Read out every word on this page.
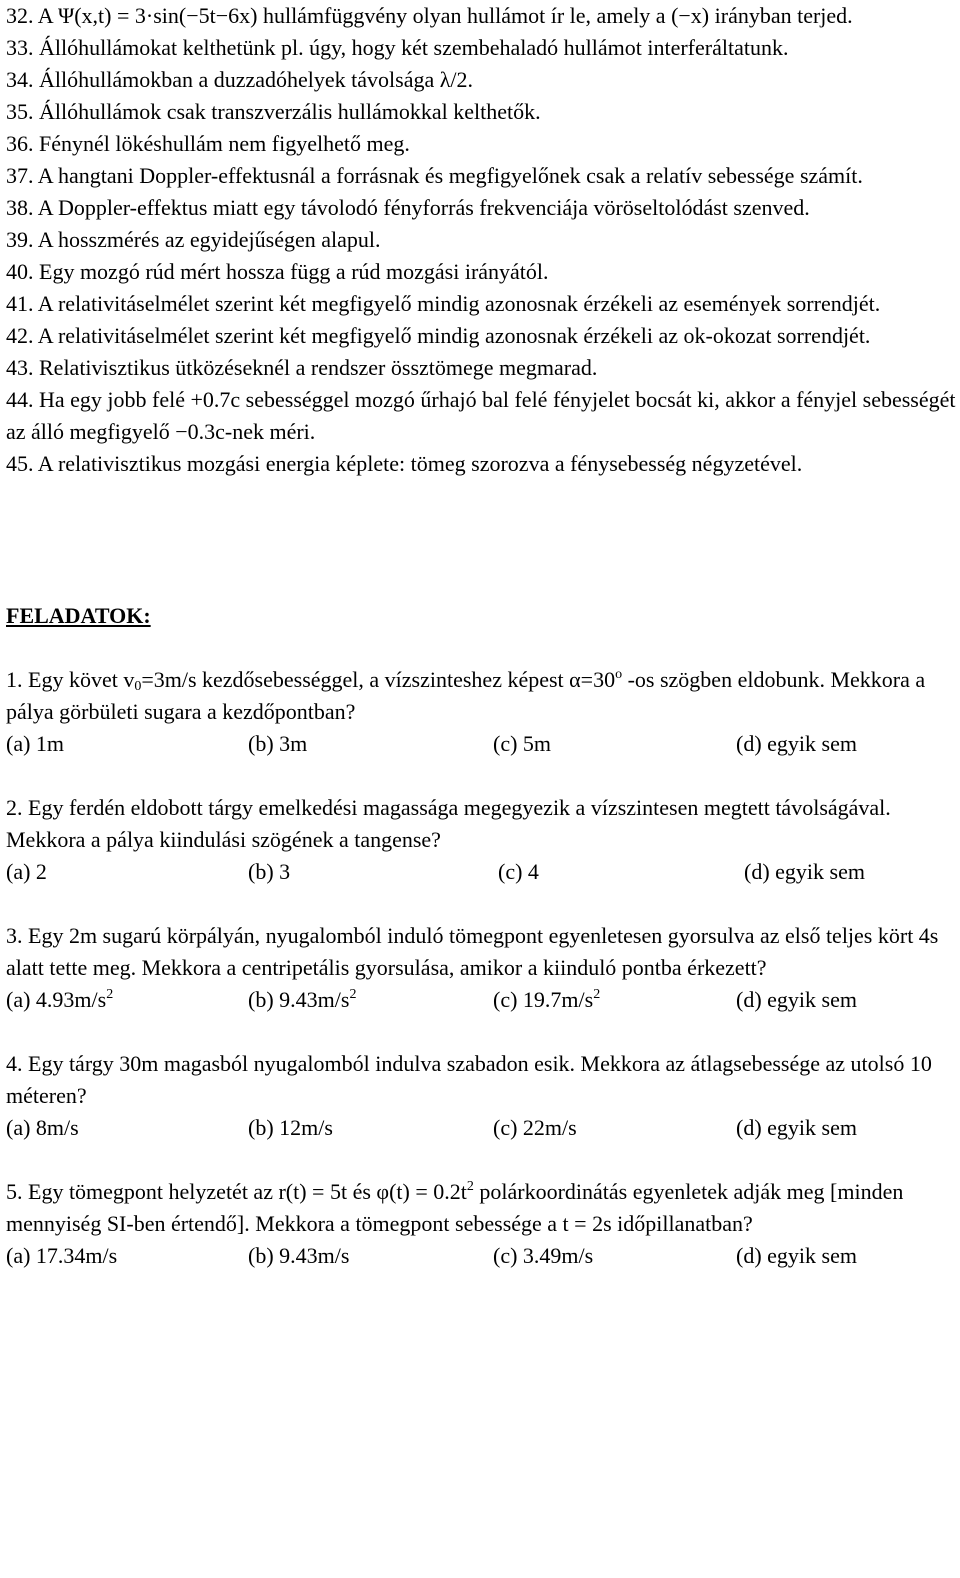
32. A Ψ(x,t) = 3·sin(−5t−6x) hullámfüggvény olyan hullámot ír le, amely a (−x) irányban terjed.

33. Állóhullámokat kelthetünk pl. úgy, hogy két szembehaladó hullámot interferáltatunk.

34. Állóhullámokban a duzzadóhelyek távolsága λ/2.

35. Állóhullámok csak transzverzális hullámokkal kelthetők.

36. Fénynél lökéshullám nem figyelhető meg.

37. A hangtani Doppler-effektusnál a forrásnak és megfigyelőnek csak a relatív sebessége számít.

38. A Doppler-effektus miatt egy távolodó fényforrás frekvenciája vöröseltolódást szenved.

39. A hosszmérés az egyidejűségen alapul.

40. Egy mozgó rúd mért hossza függ a rúd mozgási irányától.

41. A relativitáselmélet szerint két megfigyelő mindig azonosnak érzékeli az események sorrendjét.

42. A relativitáselmélet szerint két megfigyelő mindig azonosnak érzékeli az ok-okozat sorrendjét.

43. Relativisztikus ütközéseknél a rendszer össztömege megmarad.

44. Ha egy jobb felé +0.7c sebességgel mozgó űrhajó bal felé fényjelet bocsát ki, akkor a fényjel sebességét az álló megfigyelő −0.3c-nek méri.

45. A relativisztikus mozgási energia képlete: tömeg szorozva a fénysebesség négyzetével.

FELADATOK:

1. Egy követ $v_0=3m/s$ kezdősebességgel, a vízszinteshez képest $\alpha=30^o$ -os szögben eldobunk. Mekkora a pálya görbületi sugara a kezdőpontban?
(a) 1m	(b) 3m	(c) 5m	(d) egyik sem
2. Egy ferdén eldobott tárgy emelkedési magassága megegyezik a vízszintesen megtett távolságával. Mekkora a pálya kiindulási szögének a tangense?
(a) 2	(b) 3	(c) 4	(d) egyik sem
3. Egy 2m sugarú körpályán, nyugalomból induló tömegpont egyenletesen gyorsulva az első teljes kört 4s alatt tette meg. Mekkora a centripetális gyorsulása, amikor a kiinduló pontba érkezett?
(a) $4.93m/s^2$	(b) $9.43m/s^2$	(c) $19.7m/s^2$	(d) egyik sem
4. Egy tárgy 30m magasból nyugalomból indulva szabadon esik. Mekkora az átlagsebessége az utolsó 10 méteren?
(a) 8m/s	(b) 12m/s	(c) 22m/s	(d) egyik sem
5. Egy tömegpont helyzetét az r(t) = 5t és $\varphi(t) = 0.2t^2$ polárkoordinátás egyenletek adják meg [minden mennyiség SI-ben értendő]. Mekkora a tömegpont sebessége a t = 2s időpillanatban?
(a) 17.34m/s	(b) 9.43m/s	(c) 3.49m/s	(d) egyik sem
